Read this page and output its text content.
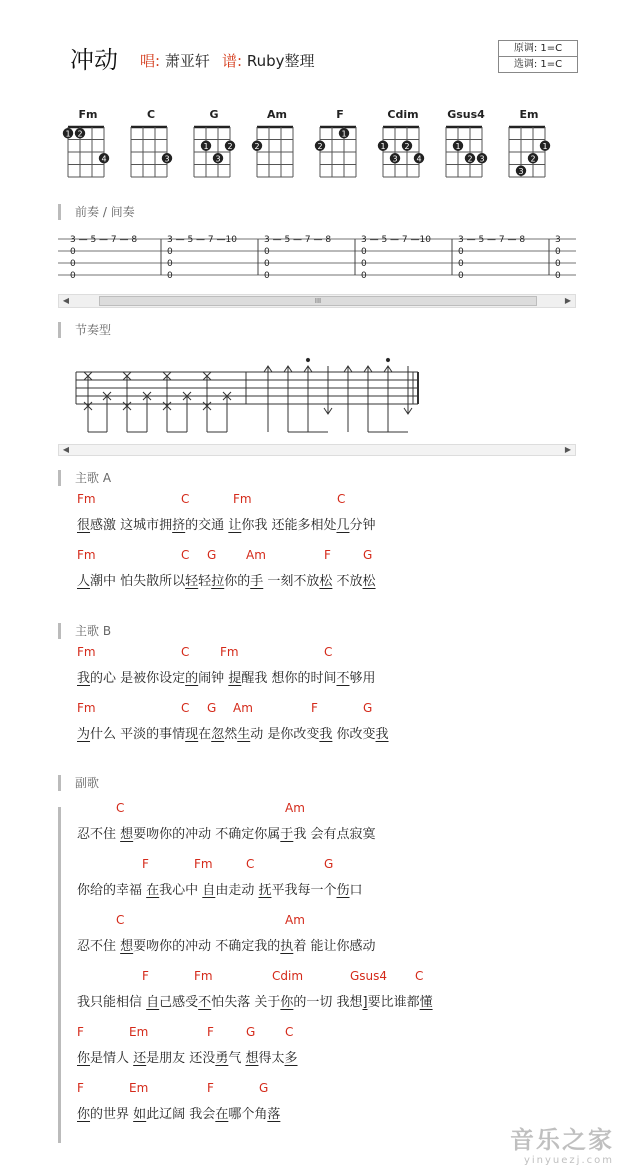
冲动 唱: 萧亚轩 谱: Ruby整理
原调: 1=C
选调: 1=C
Fm
1 2
4
C
3
G
1 2
3
Am
2
F
1
2
Cdim
1 2
3 4
Gsus4
1
2 3
Em
1
2
3
前奏 / 间奏
3 — 5 — 7 — 8
0
0
0
3 — 5 — 7 —10
0
0
0
3 — 5 — 7 — 8
0
0
0
3 — 5 — 7 —10
0
0
0
3 — 5 — 7 — 8
0
0
0
3
0
0
0
◀	III	▶
节奏型
◀	▶
主歌 A
主歌 B
副歌
Fm	C	Fm	C
很感激 这城市拥挤的交通 让你我 还能多相处几分钟
Fm	C G Am	F	G
人潮中 怕失散所以轻轻拉你的手 一刻不放松 不放松
Fm	C	Fm	C
我的心 是被你设定的闹钟 提醒我 想你的时间不够用
Fm	C G Am	F	G
为什么 平淡的事情现在忽然生动 是你改变我 你改变我
C	Am
忍不住 想要吻你的冲动 不确定你属于我 会有点寂寞
F	Fm	C	G
你给的幸福 在我心中 自由走动 抚平我每一个伤口
C	Am
忍不住 想要吻你的冲动 不确定我的执着 能让你感动
F	Fm	Cdim	Gsus4 C
我只能相信 自己感受不怕失落 关于你的一切 我想]要比谁都懂
F	Em	F	G C
你是情人 还是朋友 还没勇气 想得太多
F	Em	F	G
你的世界 如此辽阔 我会在哪个角落
音乐之家
yinyuezj.com
